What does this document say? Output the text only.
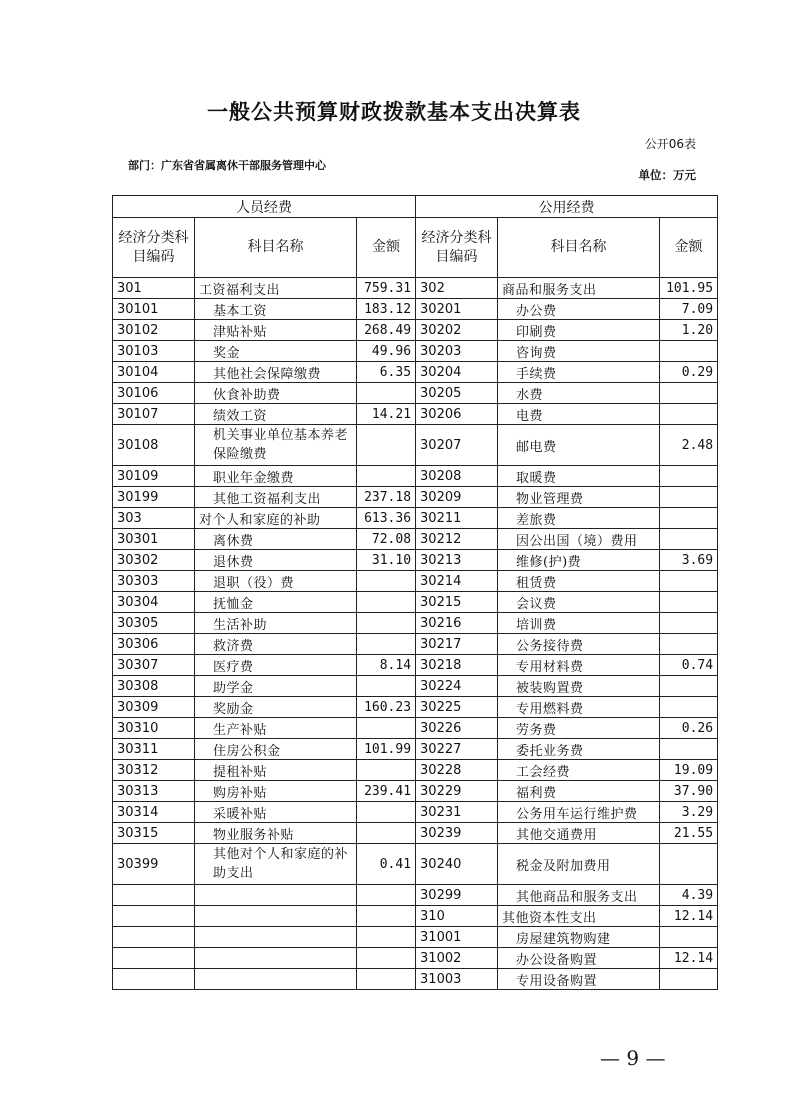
一般公共预算财政拨款基本支出决算表
公开06表
部门：广东省省属离休干部服务管理中心
单位：万元
人员经费			公用经费		
经济分类科目编码	科目名称	金额	经济分类科目编码	科目名称	金额
301	工资福利支出	759.31	302	商品和服务支出	101.95
30101	基本工资	183.12	30201	办公费	7.09
30102	津贴补贴	268.49	30202	印刷费	1.20
30103	奖金	49.96	30203	咨询费	
30104	其他社会保障缴费	6.35	30204	手续费	0.29
30106	伙食补助费		30205	水费	
30107	绩效工资	14.21	30206	电费	
30108	机关事业单位基本养老保险缴费		30207	邮电费	2.48
30109	职业年金缴费		30208	取暖费	
30199	其他工资福利支出	237.18	30209	物业管理费	
303	对个人和家庭的补助	613.36	30211	差旅费	
30301	离休费	72.08	30212	因公出国（境）费用	
30302	退休费	31.10	30213	维修(护)费	3.69
30303	退职（役）费		30214	租赁费	
30304	抚恤金		30215	会议费	
30305	生活补助		30216	培训费	
30306	救济费		30217	公务接待费	
30307	医疗费	8.14	30218	专用材料费	0.74
30308	助学金		30224	被装购置费	
30309	奖励金	160.23	30225	专用燃料费	
30310	生产补贴		30226	劳务费	0.26
30311	住房公积金	101.99	30227	委托业务费	
30312	提租补贴		30228	工会经费	19.09
30313	购房补贴	239.41	30229	福利费	37.90
30314	采暖补贴		30231	公务用车运行维护费	3.29
30315	物业服务补贴		30239	其他交通费用	21.55
30399	其他对个人和家庭的补助支出	0.41	30240	税金及附加费用	
			30299	其他商品和服务支出	4.39
			310	其他资本性支出	12.14
			31001	房屋建筑物购建	
			31002	办公设备购置	12.14
			31003	专用设备购置	
— 9 —
